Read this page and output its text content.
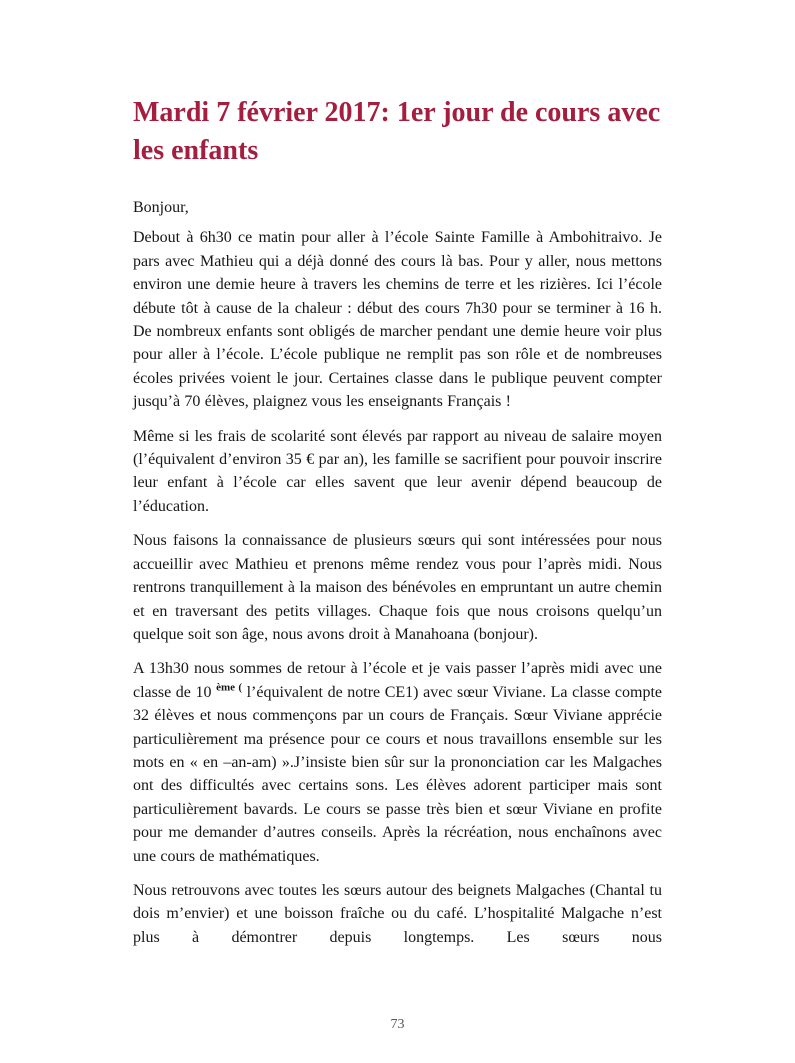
Mardi 7 février 2017: 1er jour de cours avec les enfants

Bonjour,

Debout à 6h30 ce matin pour aller à l’école Sainte Famille à Ambohitraivo. Je pars avec Mathieu qui a déjà donné des cours là bas. Pour y aller, nous mettons environ une demie heure à travers les chemins de terre et les rizières. Ici l’école débute tôt à cause de la chaleur : début des cours 7h30 pour se terminer à 16 h. De nombreux enfants sont obligés de marcher pendant une demie heure voir plus pour aller à l’école. L’école publique ne remplit pas son rôle et de nombreuses écoles privées voient le jour. Certaines classe dans le publique peuvent compter jusqu’à 70 élèves, plaignez vous les enseignants Français !

Même si les frais de scolarité sont élevés par rapport au niveau de salaire moyen (l’équivalent d’environ 35 € par an), les famille se sacrifient pour pouvoir inscrire leur enfant à l’école car elles savent que leur avenir dépend beaucoup de l’éducation.

Nous faisons la connaissance de plusieurs sœurs qui sont intéressées pour nous accueillir avec Mathieu et prenons même rendez vous pour l’après midi. Nous rentrons tranquillement à la maison des bénévoles en empruntant un autre chemin et en traversant des petits villages. Chaque fois que nous croisons quelqu’un quelque soit son âge, nous avons droit à Manahoana (bonjour).

A 13h30 nous sommes de retour à l’école et je vais passer l’après midi avec une classe de 10 $^{ème (}$ l’équivalent de notre CE1) avec sœur Viviane. La classe compte 32 élèves et nous commençons par un cours de Français. Sœur Viviane apprécie particulièrement ma présence pour ce cours et nous travaillons ensemble sur les mots en « en –an-am) ».J’insiste bien sûr sur la prononciation car les Malgaches ont des difficultés avec certains sons. Les élèves adorent participer mais sont particulièrement bavards. Le cours se passe très bien et sœur Viviane en profite pour me demander d’autres conseils. Après la récréation, nous enchaînons avec une cours de mathématiques.

Nous retrouvons avec toutes les sœurs autour des beignets Malgaches (Chantal tu dois m’envier) et une boisson fraîche ou du café. L’hospitalité Malgache n’est plus à démontrer depuis longtemps. Les sœurs nous

73
